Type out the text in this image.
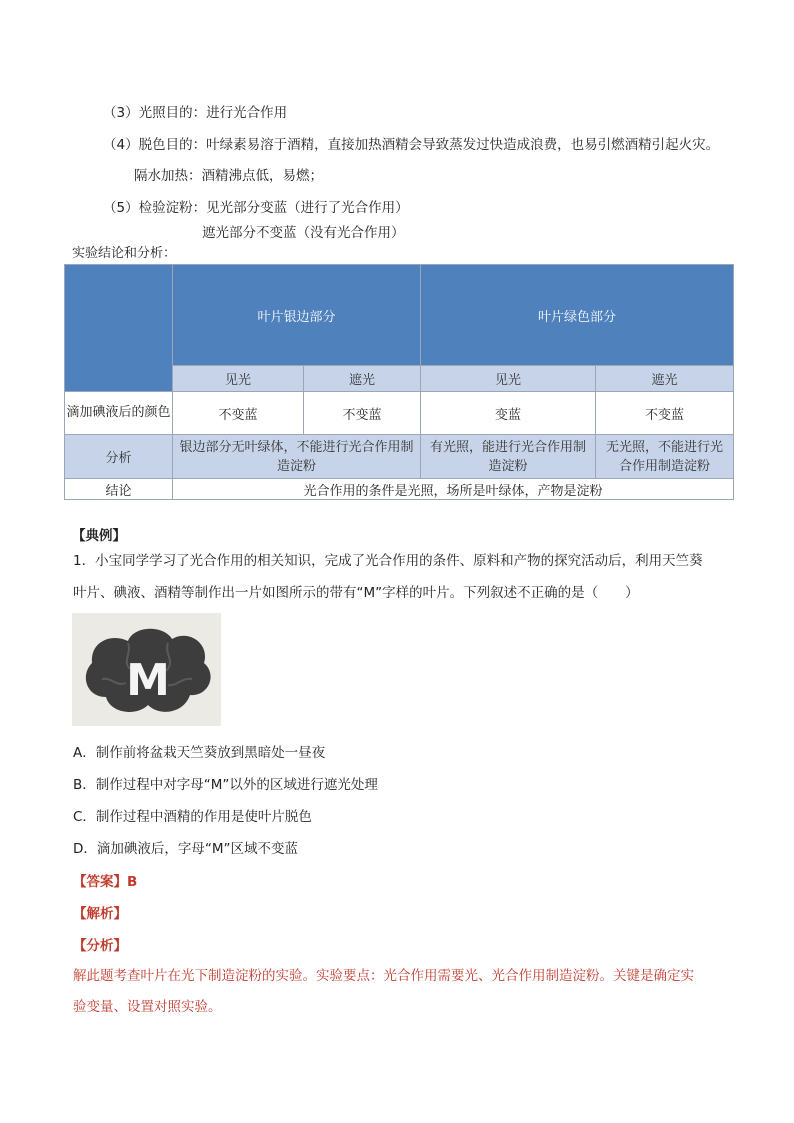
（3）光照目的：进行光合作用
（4）脱色目的：叶绿素易溶于酒精，直接加热酒精会导致蒸发过快造成浪费，也易引燃酒精引起火灾。
隔水加热：酒精沸点低，易燃；
（5）检验淀粉：见光部分变蓝（进行了光合作用）
遮光部分不变蓝（没有光合作用）
实验结论和分析：
	叶片银边部分		叶片绿色部分	
	见光	遮光	见光	遮光
滴加碘液后的颜色	不变蓝	不变蓝	变蓝	不变蓝
分析	银边部分无叶绿体，不能进行光合作用制造淀粉		有光照，能进行光合作用制造淀粉	无光照，不能进行光合作用制造淀粉
结论	光合作用的条件是光照，场所是叶绿体，产物是淀粉			
【典例】
1．小宝同学学习了光合作用的相关知识，完成了光合作用的条件、原料和产物的探究活动后，利用天竺葵
叶片、碘液、酒精等制作出一片如图所示的带有“M”字样的叶片。下列叙述不正确的是（　　）
M
A．制作前将盆栽天竺葵放到黑暗处一昼夜
B．制作过程中对字母“M”以外的区域进行遮光处理
C．制作过程中酒精的作用是使叶片脱色
D．滴加碘液后，字母“M”区域不变蓝
【答案】B
【解析】
【分析】
解此题考查叶片在光下制造淀粉的实验。实验要点：光合作用需要光、光合作用制造淀粉。关键是确定实
验变量、设置对照实验。
